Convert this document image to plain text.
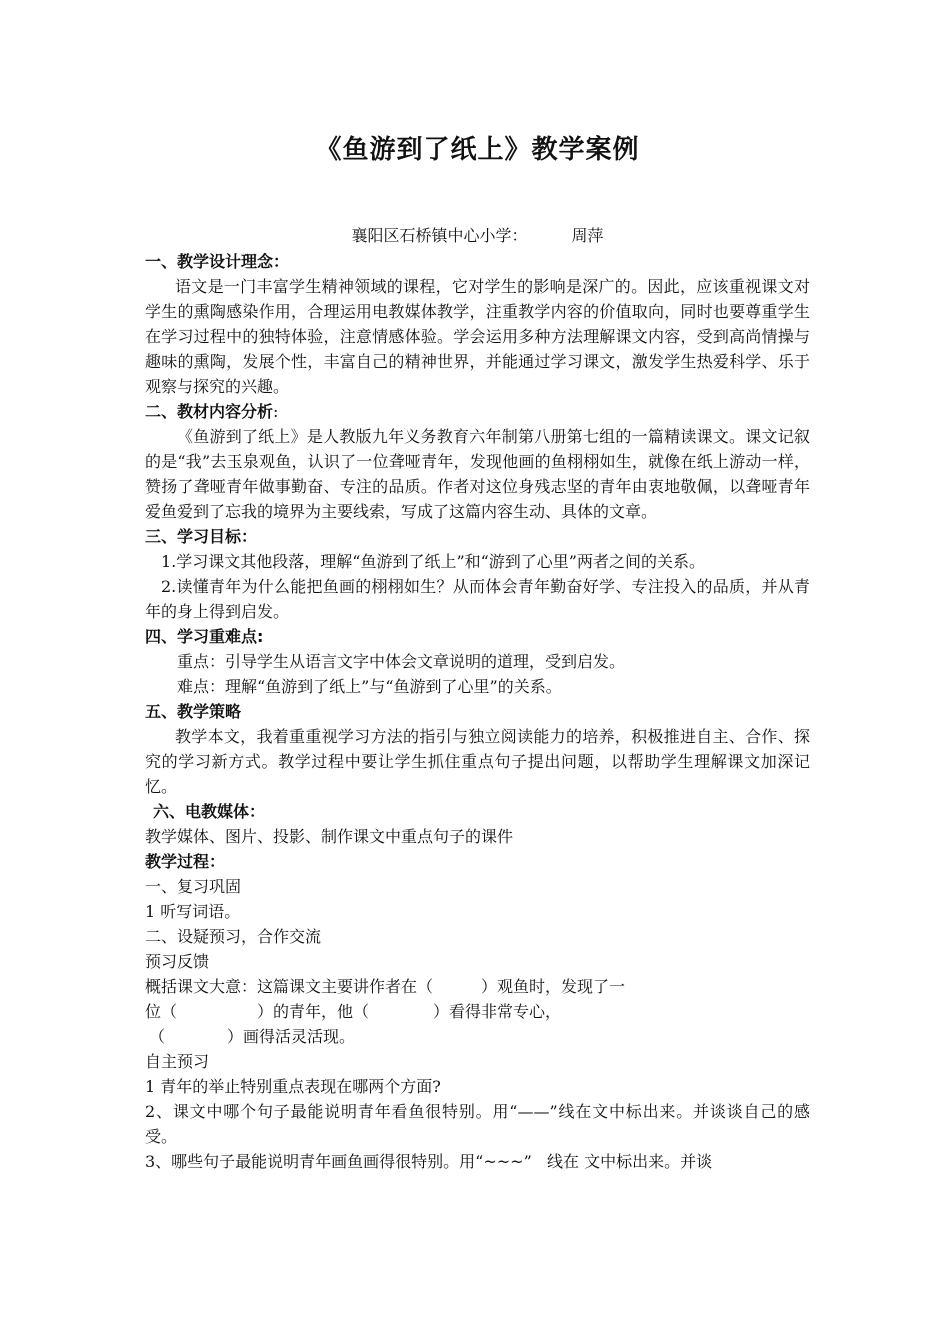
《鱼游到了纸上》教学案例
襄阳区石桥镇中心小学：	周萍
一、教学设计理念：
语文是一门丰富学生精神领域的课程，它对学生的影响是深广的。因此，应该重视课文对学生的熏陶感染作用，合理运用电教媒体教学，注重教学内容的价值取向，同时也要尊重学生在学习过程中的独特体验，注意情感体验。学会运用多种方法理解课文内容，受到高尚情操与趣味的熏陶，发展个性，丰富自己的精神世界，并能通过学习课文，激发学生热爱科学、乐于观察与探究的兴趣。
二、教材内容分析:
《鱼游到了纸上》是人教版九年义务教育六年制第八册第七组的一篇精读课文。课文记叙的是“我”去玉泉观鱼，认识了一位聋哑青年，发现他画的鱼栩栩如生，就像在纸上游动一样，赞扬了聋哑青年做事勤奋、专注的品质。作者对这位身残志坚的青年由衷地敬佩，以聋哑青年爱鱼爱到了忘我的境界为主要线索，写成了这篇内容生动、具体的文章。
三、学习目标：
1.学习课文其他段落，理解“鱼游到了纸上”和“游到了心里”两者之间的关系。
2.读懂青年为什么能把鱼画的栩栩如生？从而体会青年勤奋好学、专注投入的品质，并从青年的身上得到启发。
四、学习重难点:
重点：引导学生从语言文字中体会文章说明的道理，受到启发。
难点：理解“鱼游到了纸上”与“鱼游到了心里”的关系。
五、教学策略
教学本文，我着重重视学习方法的指引与独立阅读能力的培养，积极推进自主、合作、探究的学习新方式。教学过程中要让学生抓住重点句子提出问题，以帮助学生理解课文加深记忆。
六、电教媒体：
教学媒体、图片、投影、制作课文中重点句子的课件
教学过程：
一、复习巩固
1 听写词语。
二、设疑预习，合作交流
预习反馈
概括课文大意：这篇课文主要讲作者在（	）观鱼时，发现了一
位（	）的青年，他（	）看得非常专心，
（	）画得活灵活现。
自主预习
1 青年的举止特别重点表现在哪两个方面?
2、课文中哪个句子最能说明青年看鱼很特别。用“——”线在文中标出来。并谈谈自己的感受。
3、哪些句子最能说明青年画鱼画得很特别。用“~~~”   线在 文中标出来。并谈
